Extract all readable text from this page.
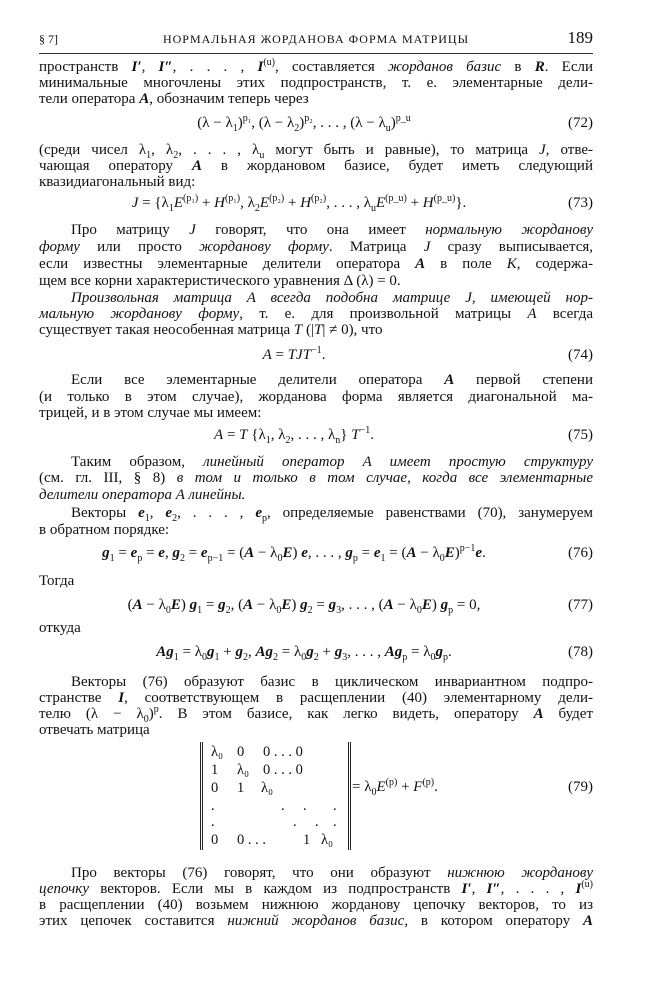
§ 7]	НОРМАЛЬНАЯ ЖОРДАНОВА ФОРМА МАТРИЦЫ	189
пространств I′, I″, . . . , $I^{(u)}$, составляется жорданов базис в R. Если
минимальные многочлены этих подпространств, т. е. элементарные дели-
тели оператора A, обозначим теперь через
(среди чисел $\lambda_1$, $\lambda_2$, . . . , $\lambda_u$ могут быть и равные), то матрица J, отве-
чающая оператору A в жордановом базисе, будет иметь следующий
квазидиагональный вид:
Про матрицу J говорят, что она имеет нормальную жорданову
форму или просто жорданову форму. Матрица J сразу выписывается,
если известны элементарные делители оператора A в поле K, содержа-
щем все корни характеристического уравнения Δ (λ) = 0.
Произвольная матрица A всегда подобна матрице J, имеющей нор-
мальную жорданову форму, т. е. для произвольной матрицы A всегда
существует такая неособенная матрица T (|T| ≠ 0), что
Если все элементарные делители оператора A первой степени
(и только в этом случае), жорданова форма является диагональной ма-
трицей, и в этом случае мы имеем:
Таким образом, линейный оператор A имеет простую структуру
(см. гл. III, § 8) в том и только в том случае, когда все элементарные
делители оператора A линейны.
Векторы $e_1$, $e_2$, . . . , $e_p$, определяемые равенствами (70), занумеруем
в обратном порядке:
Тогда
откуда
Векторы (76) образуют базис в циклическом инвариантном подпро-
странстве I, соответствующем в расщеплении (40) элементарному дели-
телю $(\lambda - \lambda_0)^p$. В этом базисе, как легко видеть, оператору A будет
отвечать матрица
Про векторы (76) говорят, что они образуют нижнюю жорданову
цепочку векторов. Если мы в каждом из подпространств I′, I″, . . . , $I^{(u)}$
в расщеплении (40) возьмем нижнюю жорданову цепочку векторов, то из
этих цепочек составится нижний жорданов базис, в котором оператору A
$(\lambda - \lambda_1)^{p_1}$, $(\lambda - \lambda_2)^{p_2}$, . . . , $(\lambda - \lambda_u)^{p\_u}$	(72)
$J = \{\lambda_1E^{(p_1)} + H^{(p_1)}$, $\lambda_2E^{(p_2)} + H^{(p_2)}$, . . . , $\lambda_uE^{(p\_u)} + H^{(p\_u)}$}.	(73)
$A = TJT^{-1}$.	(74)
A = T {$\lambda_1$, $\lambda_2$, . . . , $\lambda_n$} $T^{-1}$.	(75)
$g_1 = e_p = e$, $g_2 = e_{p-1} = (A - \lambda_0E)$ e, . . . , $g_p = e_1 = (A - \lambda_0E)^{p-1}e$.	(76)
$(A - \lambda_0E)$ $g_1 = g_2$, $(A - \lambda_0E)$ $g_2 = g_3$, . . . , $(A - \lambda_0E)$ $g_p = 0$,	(77)
$Ag_1 = \lambda_0g_1 + g_2$, $Ag_2 = \lambda_0g_2 + g_3$, . . . , $Ag_p = \lambda_0g_p$.	(78)
λ₀ 0 0 . . . 0
1 λ₀ 0 . . . 0
0 1 λ₀
.	. . .
.	. . .
0 0 . . .	1 λ₀
= $\lambda_0E^{(p)} + F^{(p)}$.	(79)
